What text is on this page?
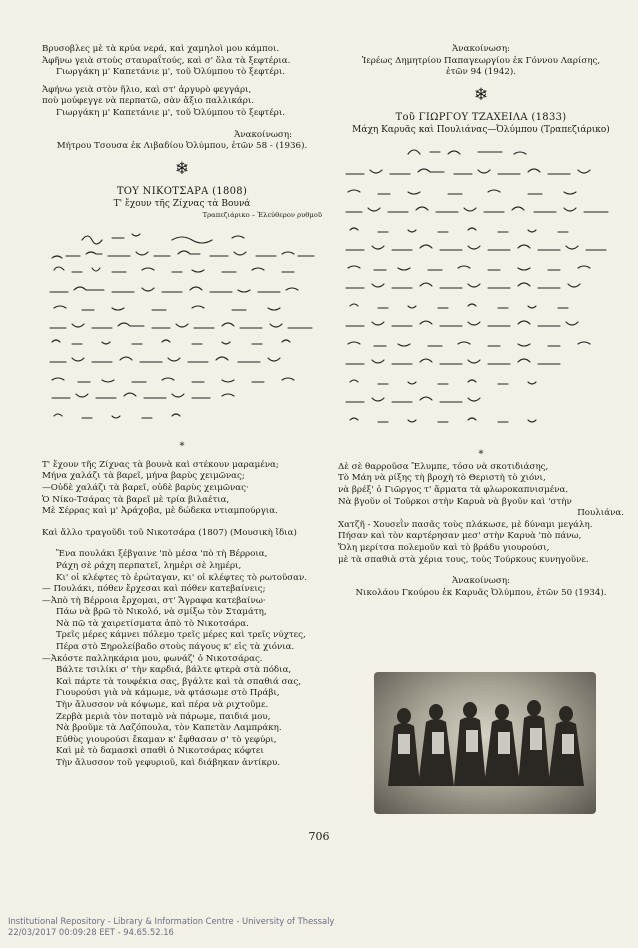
Βρυσοβλες μὲ τὰ κρύα νερά, καὶ χαμηλοὶ μου κάμποι.
Ἀφῆνω γειὰ στοὺς σταυραΐτούς, καὶ σ' ὅλα τὰ ξεφτέρια.
Γιωργάκη μ' Καπετάνιε μ', τοῦ Ὀλύμπου τὸ ξεφτέρι.
Ἀφήνω γειὰ στὸν ἥλιο, καὶ στ' ἀργυρὸ φεγγάρι,
ποὺ μούφεγγε νὰ περπατῶ, σὰν ἄξιο παλλικάρι.
Γιωργάκη μ' Καπετάνιε μ', τοῦ Ὀλύμπου τὸ ξεφτέρι.
Ἀνακοίνωση:
Μήτρου Τσουσα ἐκ Λιβαδίου Ὀλύμπου, ἐτῶν 58 - (1936).
❄
ΤΟΥ ΝΙΚΟΤΣΑΡΑ (1808)
Τ' ἔχουν τῆς Ζίχνας τὰ Βουνά
Τραπεζιάρικο – Ἐλεύθερον ρυθμοῦ
*
Τ' ἔχουν τῆς Ζίχνας τὰ βουνὰ καὶ στέκουν μαραμένα;
Μήνα χαλάζι τὰ βαρεῖ, μήνα βαρὺς χειμῶνας;
—Οὐδὲ χαλάζι τὰ βαρεῖ, οὐδὲ βαρὺς χειμῶνας·
Ὁ Νίκο-Τσάρας τὰ βαρεῖ μὲ τρία βιλαέτια,
Μὲ Σέρρας καὶ μ' Ἀράχοβα, μὲ δώδεκα ντιαμπούργια.
Καὶ ἄλλο τραγοῦδι τοῦ Νικοτσάρα (1807) (Μουσικὴ ἴδια)
Ἕνα πουλάκι ξέβγαινε 'πὸ μέσα 'πὸ τὴ Βέρροια,
Ράχη σὲ ράχη περπατεῖ, λημέρι σὲ λημέρι,
Κι' οἱ κλέφτες τὸ ἐρώταγαν, κι' οἱ κλέφτες τὸ ρωτοῦσαν.
— Πουλάκι, πόθεν ἔρχεσαι καὶ πόθεν κατεβαίνεις;
—Ἀπὸ τὴ Βέρροια ἔρχομαι, στ' Ἄγραφα κατεβαίνω·
Πάω νὰ βρῶ τὸ Νικολό, νὰ σμίξω τὸν Σταμάτη,
Νὰ πῶ τὰ χαιρετίσματα ἀπὸ τὸ Νικοτσάρα.
Τρεῖς μέρες κάμνει πόλεμο τρεῖς μέρες καὶ τρεῖς νύχτες,
Πέρα στὸ Ξηρολείβαδο στοὺς πάγους κ' εἰς τὰ χιόνια.
—Ἀκόστε παλληκάρια μου, φωνάζ' ὁ Νικοτσάρας.
Βάλτε τσιλίκι σ' τὴν καρδιά, βάλτε φτερὰ στὰ πόδια,
Καὶ πάρτε τὰ τουφέκια σας, βγάλτε καὶ τὰ σπαθιά σας,
Γιουρούσι γιὰ νὰ κάμωμε, νὰ φτάσωμε στὸ Πράβι,
Τὴν ἄλυσσον νὰ κόψωμε, καὶ πέρα νὰ ριχτοῦμε.
Ζερβὰ μεριὰ τὸν ποταμὸ νὰ πάρωμε, παιδιά μου,
Νὰ βροῦμε τὰ Λαζόπουλα, τὸν Καπετὰν Λαμπράκη.
Εὐθὺς γιουρούσι ἔκαμαν κ' ἔφθασαν σ' τὸ γεφύρι,
Καὶ μὲ τὸ δαμασκὶ σπαθὶ ὁ Νικοτσάρας κόφτει
Τὴν ἄλυσσον τοῦ γεφυριοῦ, καὶ διάβηκαν ἀντίκρυ.
Ἀνακοίνωση:
Ἱερέως Δημητρίου Παπαγεωργίου ἐκ Γόννου Λαρίσης,
ἐτῶν 94 (1942).
❄
Τοῦ ΓΙΩΡΓΟΥ ΤΖΑΧΕΙΛΑ (1833)
Μάχη Καρυᾶς καὶ Πουλιάνας—Ὀλύμπου (Τραπεζιάρικο)
*
Δὲ σὲ θαρροῦσα Ἔλυμπε, τόσο νὰ σκοτιδιάσης,
Τὸ Μάη νὰ ρίξης τὴ βροχὴ τὸ Θεριστὴ τὸ χιόνι,
νὰ βρέξ' ὁ Γιῶργος τ' ἅρματα τὰ φλωροκαπνισμένα.
Νὰ βγοῦν οἱ Τοῦρκοι στὴν Καρυὰ νὰ βγοῦν καὶ 'στὴν
Πουλιάνα.
Χατζῆ - Χουσεῒν πασᾶς τοὺς πλάκωσε, μὲ δύναμι μεγάλη.
Πήσαν καὶ τὸν καρτέρησαν μεσ' στὴν Καρυὰ 'πὸ πάνω,
Ὅλη μερίτσα πολεμοῦν καὶ τὸ βράδυ γιουρούσι,
μὲ τὰ σπαθιὰ στὰ χέρια τους, τοὺς Τούρκους κυνηγοῦνε.
Ἀνακοίνωση:
Νικολάου Γκούρου ἐκ Καρυᾶς Ὀλύμπου, ἐτῶν 50 (1934).
706
Institutional Repository - Library & Information Centre - University of Thessaly
22/03/2017 00:09:28 EET - 94.65.52.16
